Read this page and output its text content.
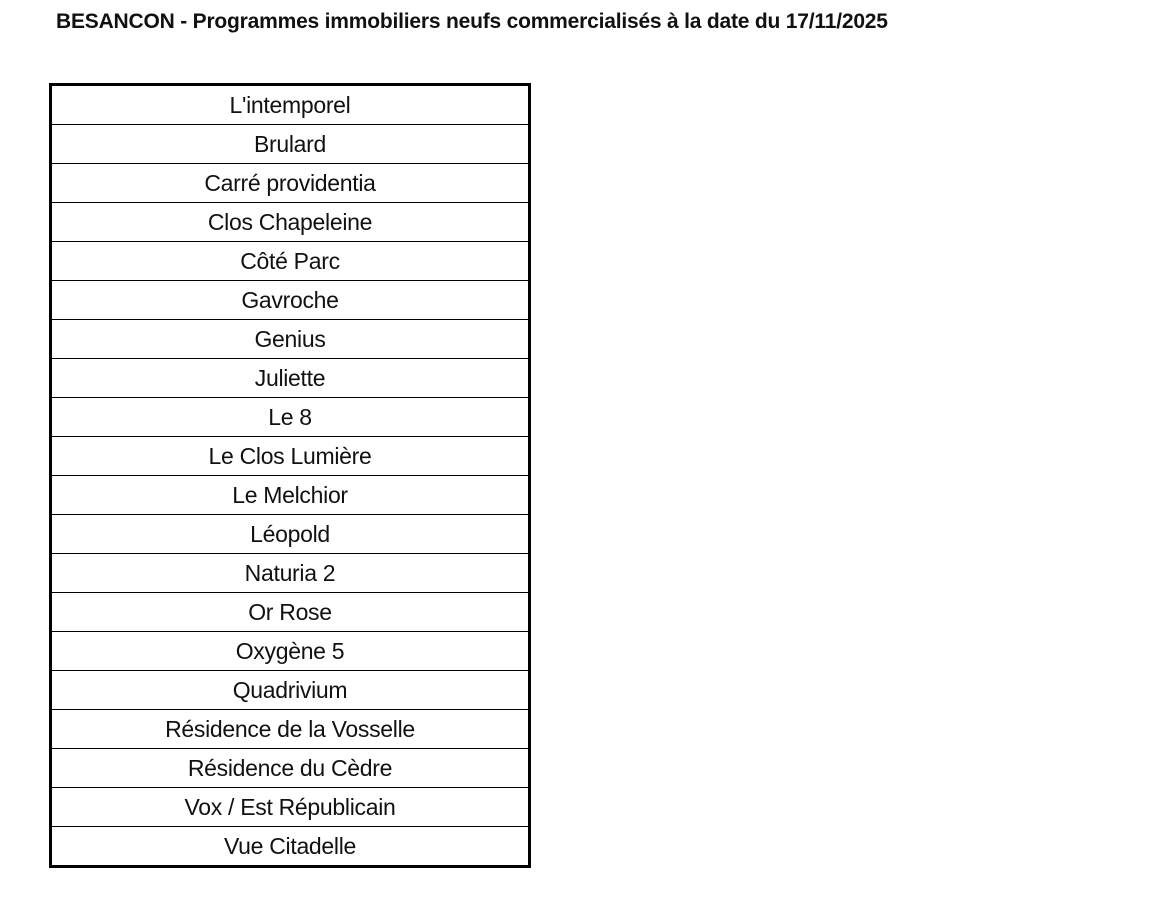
BESANCON - Programmes immobiliers neufs commercialisés à la date du 17/11/2025
L'intemporel
Brulard
Carré providentia
Clos Chapeleine
Côté Parc
Gavroche
Genius
Juliette
Le 8
Le Clos Lumière
Le Melchior
Léopold
Naturia 2
Or Rose
Oxygène 5
Quadrivium
Résidence de la Vosselle
Résidence du Cèdre
Vox / Est Républicain
Vue Citadelle
